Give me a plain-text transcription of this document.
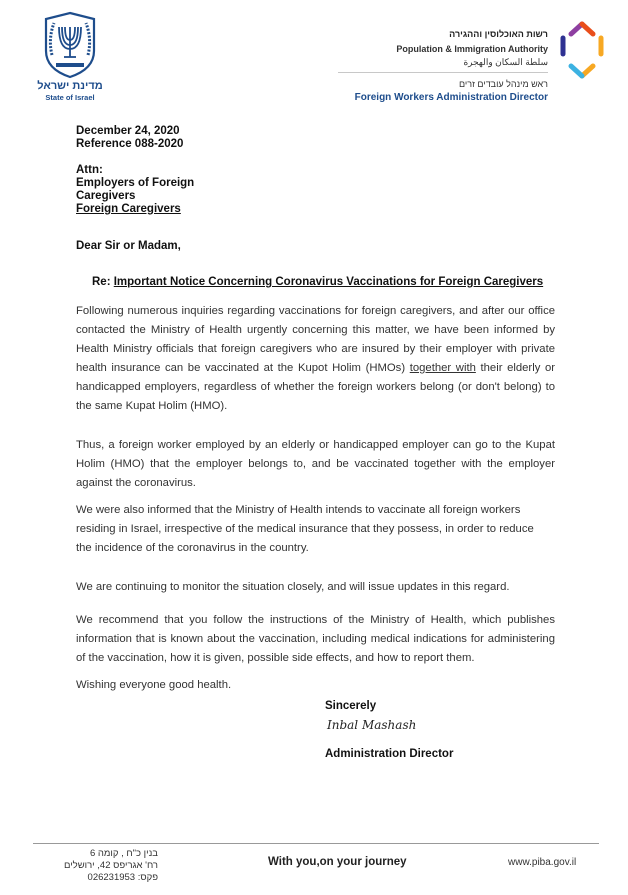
מדינת ישראל
State of Israel
רשות האוכלוסין וההגירה
Population & Immigration Authority
سلطة السكان والهجرة
ראש מינהל עובדים זרים
Foreign Workers Administration Director
December 24, 2020
Reference 088-2020
Attn:
Employers of Foreign
Caregivers
Foreign Caregivers
Dear Sir or Madam,
Re: Important Notice Concerning Coronavirus Vaccinations for Foreign Caregivers
Following numerous inquiries regarding vaccinations for foreign caregivers, and after our office contacted the Ministry of Health urgently concerning this matter, we have been informed by Health Ministry officials that foreign caregivers who are insured by their employer with private health insurance can be vaccinated at the Kupot Holim (HMOs) together with their elderly or handicapped employers, regardless of whether the foreign workers belong (or don't belong) to the same Kupat Holim (HMO).
Thus, a foreign worker employed by an elderly or handicapped employer can go to the Kupat Holim (HMO) that the employer belongs to, and be vaccinated together with the employer against the coronavirus.
We were also informed that the Ministry of Health intends to vaccinate all foreign workers
residing in Israel, irrespective of the medical insurance that they possess, in order to reduce
the incidence of the coronavirus in the country.
We are continuing to monitor the situation closely, and will issue updates in this regard.
We recommend that you follow the instructions of the Ministry of Health, which publishes information that is known about the vaccination, including medical indications for administering of the vaccination, how it is given, possible side effects, and how to report them.
Wishing everyone good health.
Sincerely
Inbal Mashash
Administration Director
בנין כ"ח , קומה 6
רח' אגריפס 42, ירושלים
פקס: 026231953
With you,on your journey	www.piba.gov.il
